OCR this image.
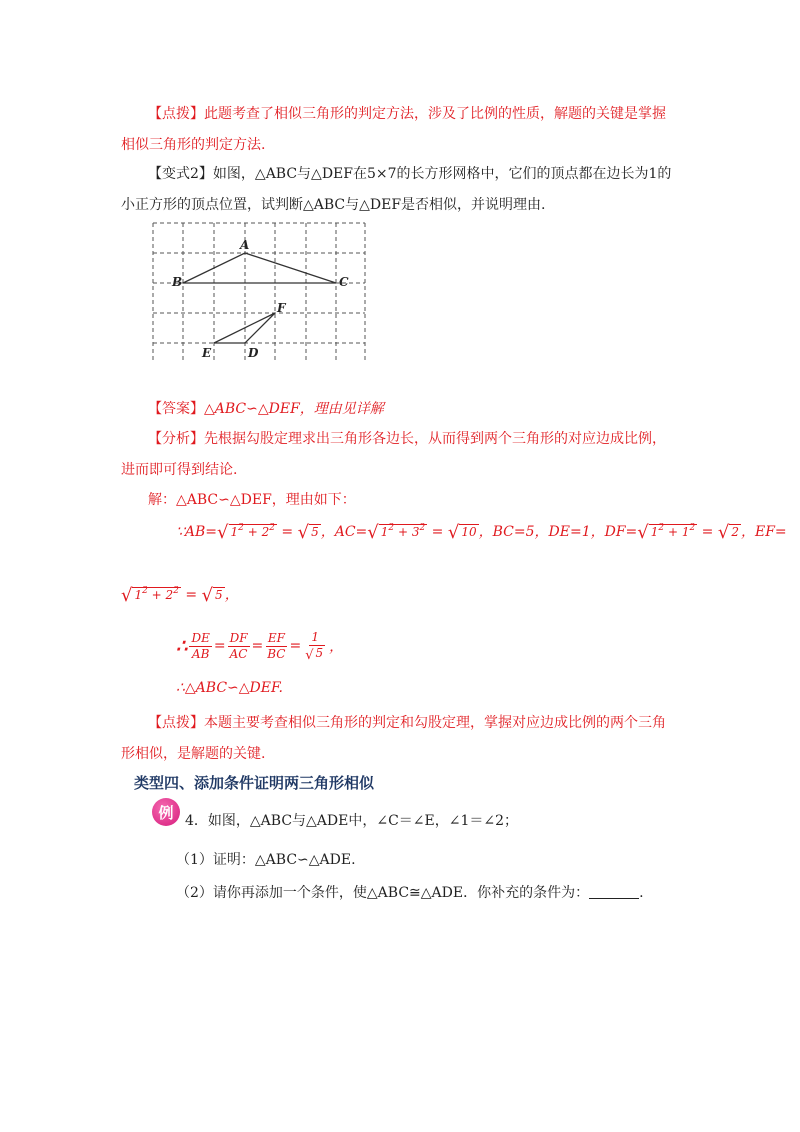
【点拨】此题考查了相似三角形的判定方法，涉及了比例的性质，解题的关键是掌握
相似三角形的判定方法.
【变式2】如图，△ABC与△DEF在5×7的长方形网格中，它们的顶点都在边长为1的
小正方形的顶点位置，试判断△ABC与△DEF是否相似，并说明理由.
A
B	C
D
E
F
【答案】△ABC∽△DEF，理由见详解
【分析】先根据勾股定理求出三角形各边长，从而得到两个三角形的对应边成比例，
进而即可得到结论.
解：△ABC∽△DEF，理由如下：
∵AB=√ $1^2 + 2^2$ = √ 5 ，AC=√ $1^2 + 3^2$ = √ 10 ，BC=5，DE=1，DF=√ $1^2 + 1^2$ = √ 2 ，EF=
√ $1^2 + 2^2$ = √ 5 ，
∴ $\frac{DE}{AB} = \frac{DF}{AC} = \frac{EF}{BC} = \frac{1}{√ 5}$ ，
∴△ABC∽△DEF.
【点拨】本题主要考查相似三角形的判定和勾股定理，掌握对应边成比例的两个三角
形相似，是解题的关键.
类型四、添加条件证明两三角形相似
例 4．如图，△ABC与△ADE中，∠C＝∠E，∠1＝∠2；
（1）证明：△ABC∽△ADE.
（2）请你再添加一个条件，使△ABC≅△ADE．你补充的条件为：	.
